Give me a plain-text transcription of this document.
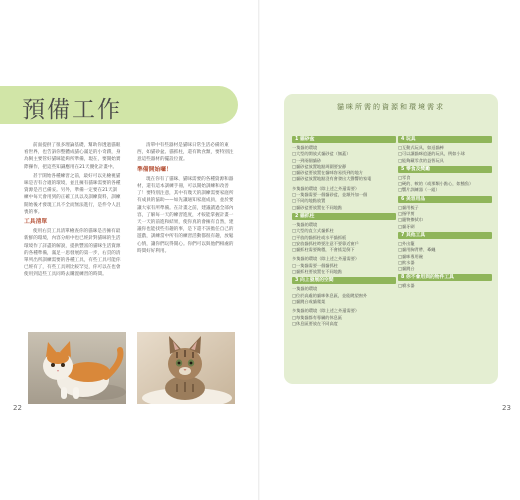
預備工作

前面提供了很多理論基礎，幫助你透過貓眼看世界，也告訴你整體成貓心滿足的小奇蹟，身為飼主要管好貓咪能夠所準備，現在，要開始實際操作，把這些知識應用在21天優化計畫中。

甚于開始各種練習之前，最好可以先檢視貓咪是否有合適的環境，並且擁有貓咪需要的各種資源是否已備妥。另外，準備一定要在21天訓練中每天會用到的正確工具以及訓練資料，訓練開始後才發現工具不全而無法進行，是件令人沮喪的事。

工具清單

使用右頁工具清單檢查你的貓咪是否擁有最新鮮的環境，內容分組中也已經針對貓咪的生活環境作了詳盡的解說，提供豐富的貓咪生活資源的各種準備，滿足一思發展的第一步，右頁的清單列出所訓練需要的各種工具，有些工具可能你已經有了，有些工具則比較罕見，你可以在也會使用到這些工具同時去購置練習的時間。

清單中有些器材是貓咪日常生活必備的東西，如貓砂盆、貓抓柱，還有飲食類，要特別注意這些器材的擺設位置。

準備開始囉！

現在你有了貓咪、貓咪需要的各種資源和器材，還有這本訓練手冊，可以開始訓練和改善了！要特別注意，其中有幾天的訓練需要家庭所有成員的協助——如先讓通知家庭成員，並於要讓大家有所準備。在計畫之前，建議讀過全部內容，了解每一天的練習進度，才較能掌握計畫一天一天的前進和結果，使你真的會擁有自然，建議你也能找些有趣的事，是下還不該擔任自己的遊戲，訓練當中所有的練習活動都很有趣，放鬆心情，讓你們玩得開心。你們可以與他們相處的時間好好利用。

22
貓咪所需的資源和環境需求
1 貓砂盆
一隻貓的環境
□大型的開放式貓砂盆（無蓋）
□一到兩個貓砂
□貓砂盆放置地點周圍要安靜
□貓砂盆要放置在貓咪容易找到的地方
□貓砂盆放置地點沒有會發出大聲響的家電
多隻貓的環境（除上述之外還需要）
□一隻貓需要一個貓砂盆，並額外加一個
□不同的地點放置
□貓砂盆要放置在不同地點
2 貓抓柱
一隻貓的環境
□大型的直立式貓抓柱
□平放的貓抓柱或水平貓抓板
□安放貓抓柱時要注意不要靠近窗戶
□貓抓柱需要夠穩，不會搖晃倒下
多隻貓的環境（除上述之外還需要）
□一隻貓需要一個貓抓柱
□貓抓柱要放置在不同地點
3 向上發展的空間
一隻貓的環境
□位於高處的貓咪休息區，並能眺望窗外
□貓跳台或貓爬架
多隻貓的環境（除上述之外還需要）
□每隻貓都有專屬的休息區
□休息區要放在不同高度
4 玩具
□互動式玩具，如逗貓棒
□可以讓貓咪追逐的玩具，例如小球
□能夠藏零食的益智玩具
5 零食及獎勵
□零食
□硬的、軟的（或那類小點心，如鮪魚）
□響片訓練器（一組）
6 美容用品
□貓用梳子
□指甲剪
□寵物擦拭巾
□貓牙刷
7 其他工具
□外出籠
□貓用胸背帶、牽繩
□貓咪專用碗
□飲水器
□貓跳台
8 你不會用到的物件工具
□噴水器
23
